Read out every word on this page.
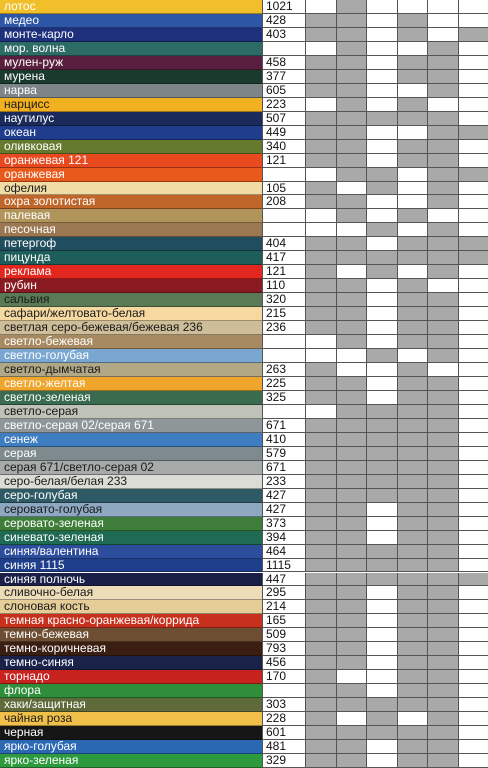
лотос	1021
медео	428
монте-карло	403
мор. волна
мулен-руж	458
мурена	377
нарва	605
нарцисс	223
наутилус	507
океан	449
оливковая	340
оранжевая 121	121
оранжевая
офелия	105
охра золотистая	208
палевая
песочная
петергоф	404
пицунда	417
реклама	121
рубин	110
сальвия	320
сафари/желтовато-белая	215
светлая серо-бежевая/бежевая 236	236
светло-бежевая
светло-голубая
светло-дымчатая	263
светло-желтая	225
светло-зеленая	325
светло-серая
светло-серая 02/серая 671	671
сенеж	410
серая	579
серая 671/светло-серая 02	671
серо-белая/белая 233	233
серо-голубая	427
серовато-голубая	427
серовато-зеленая	373
синевато-зеленая	394
синяя/валентина	464
синяя 1115	1115
синяя полночь	447
сливочно-белая	295
слоновая кость	214
темная красно-оранжевая/коррида	165
темно-бежевая	509
темно-коричневая	793
темно-синяя	456
торнадо	170
флора
хаки/защитная	303
чайная роза	228
черная	601
ярко-голубая	481
ярко-зеленая	329
